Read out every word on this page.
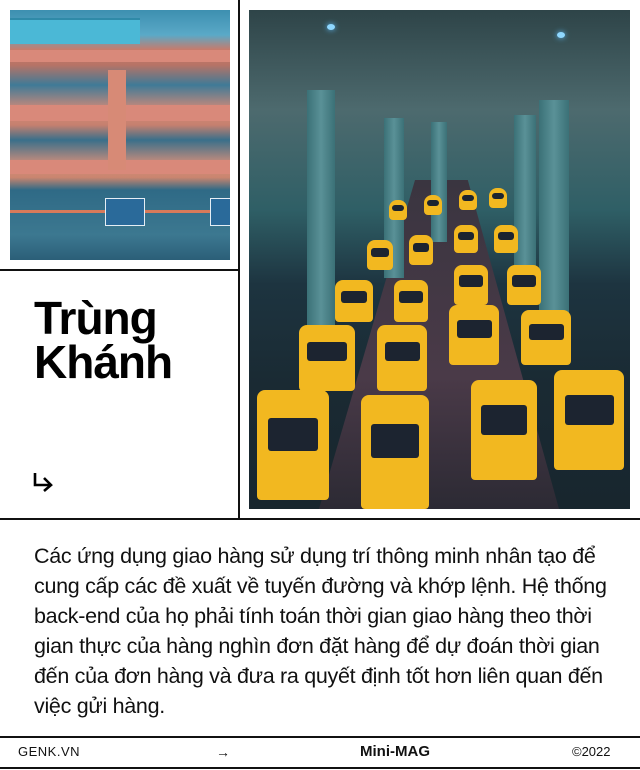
Trùng
Khánh
Các ứng dụng giao hàng sử dụng trí thông minh nhân tạo để cung cấp các đề xuất về tuyến đường và khớp lệnh. Hệ thống back-end của họ phải tính toán thời gian giao hàng theo thời gian thực của hàng nghìn đơn đặt hàng để dự đoán thời gian đến của đơn hàng và đưa ra quyết định tốt hơn liên quan đến việc gửi hàng.
GENK.VN	→	Mini-MAG	©2022
